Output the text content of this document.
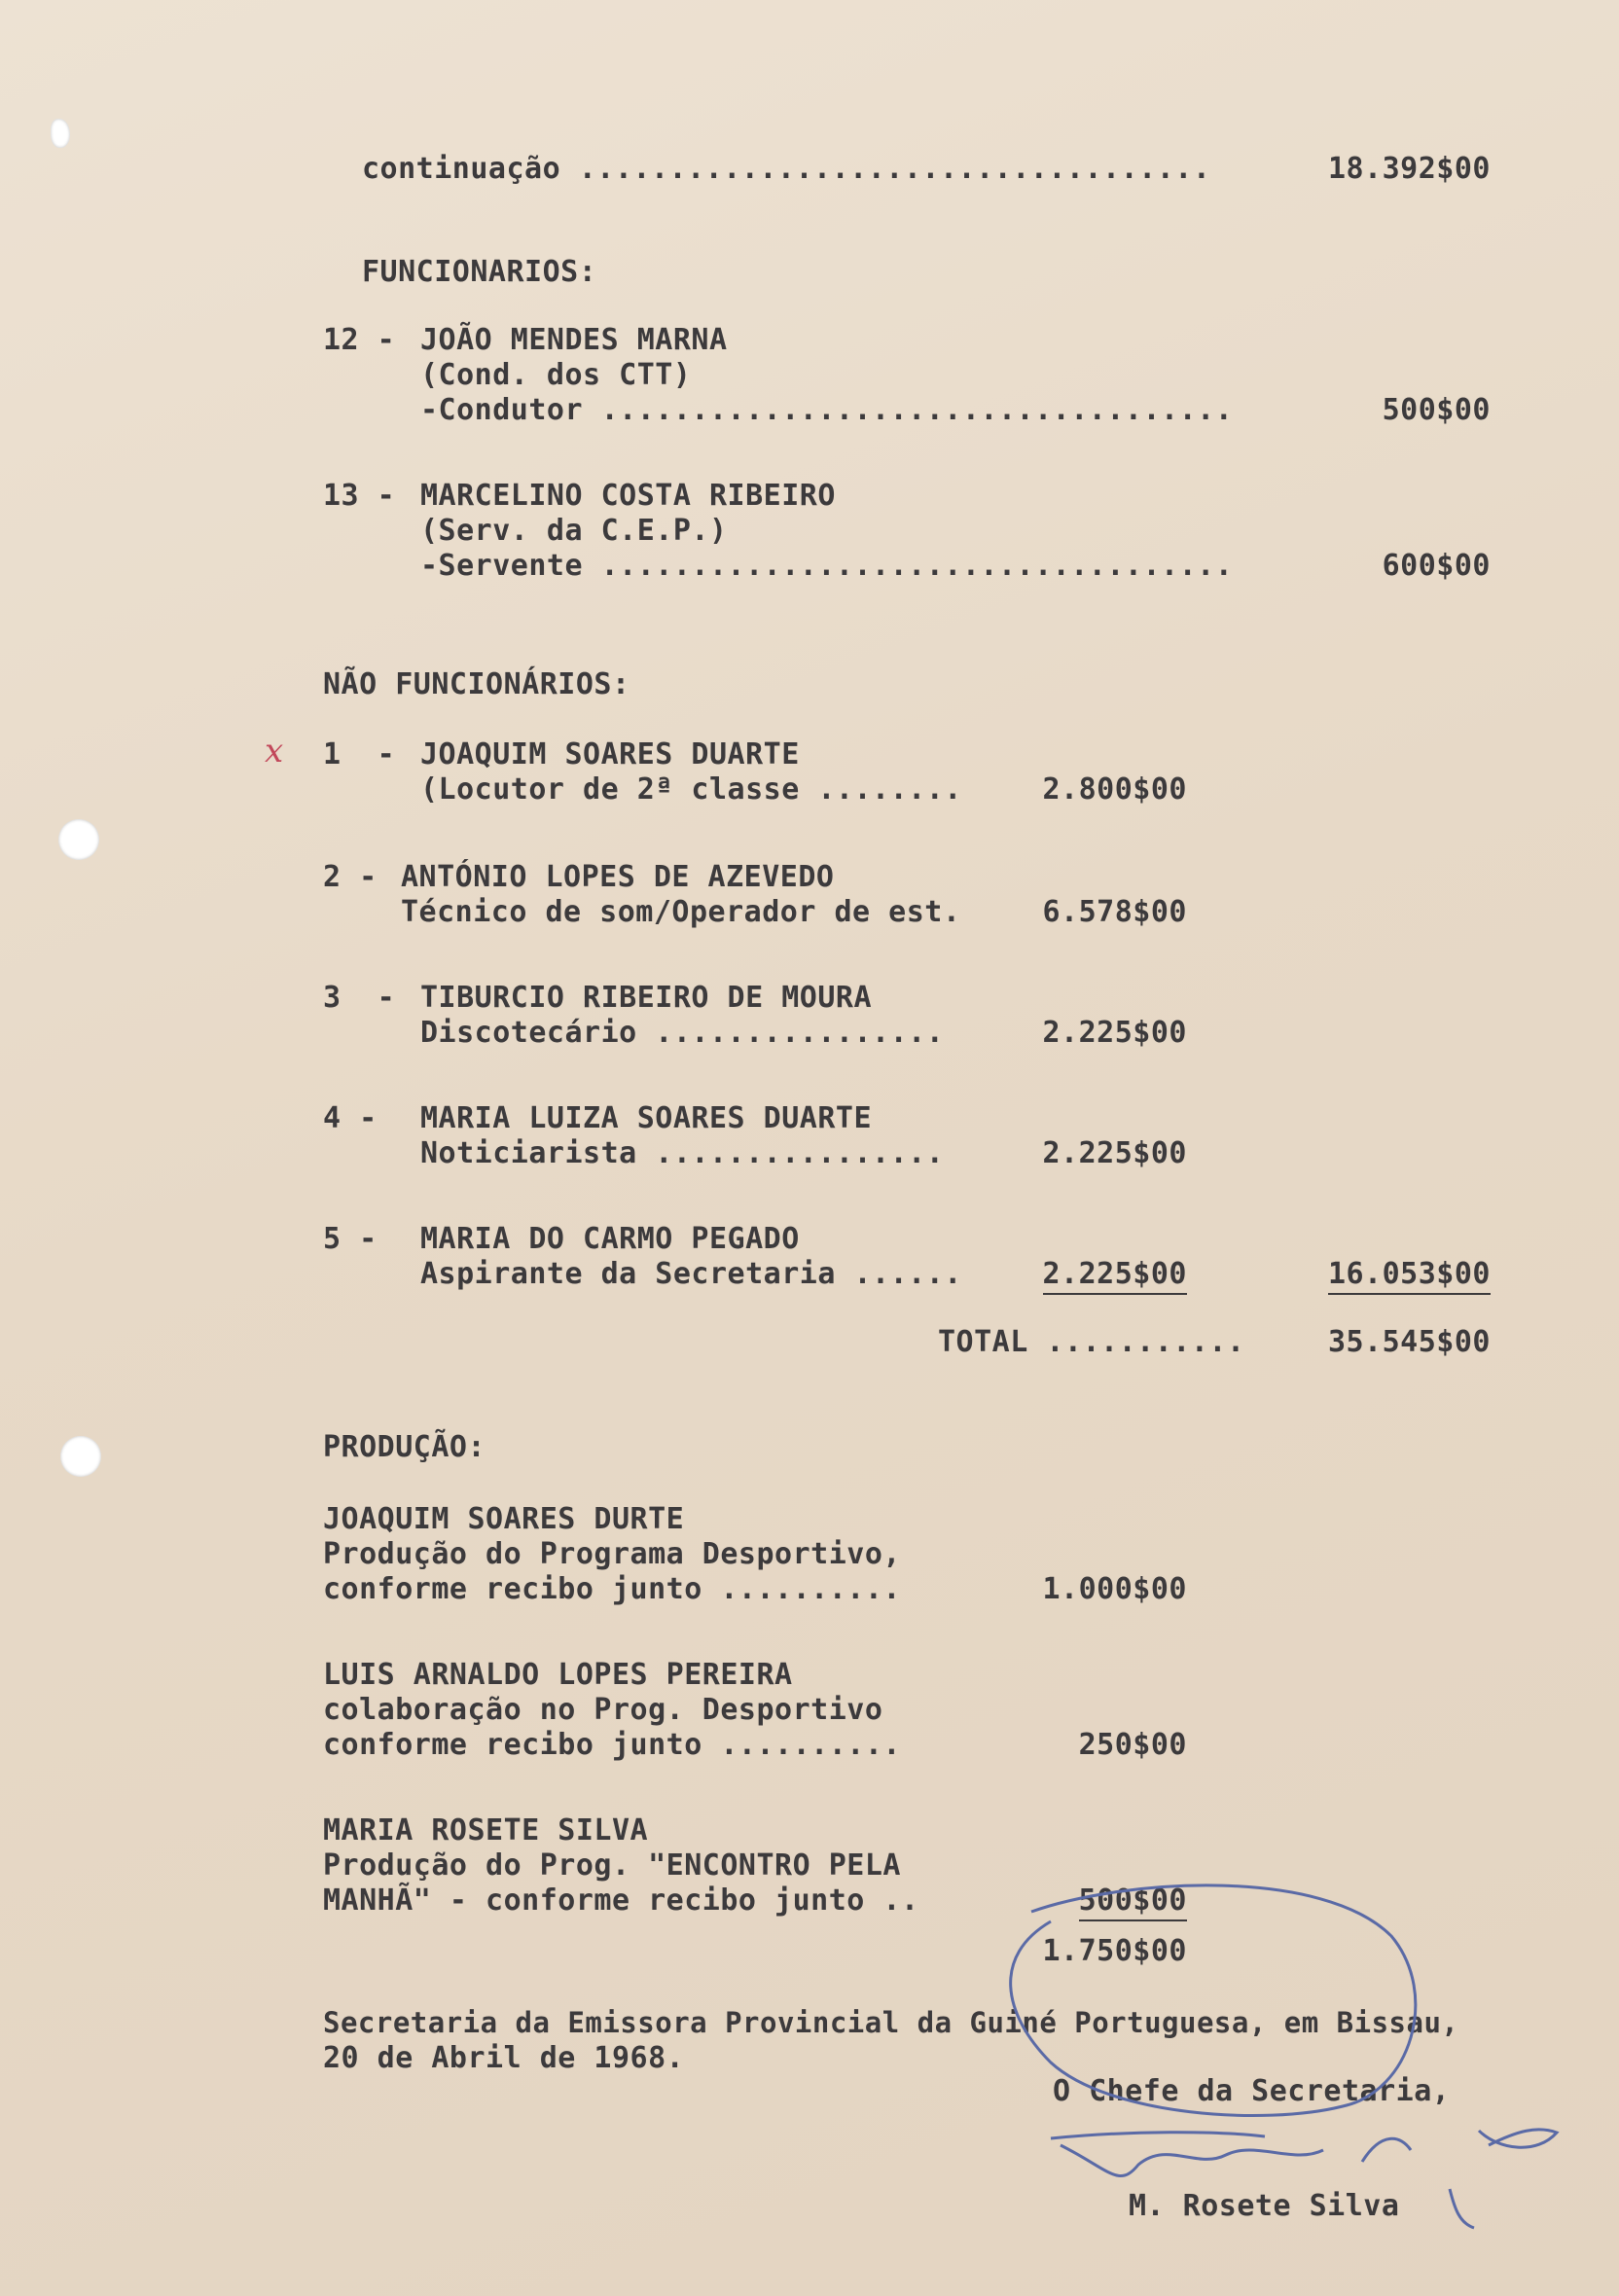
continuação ...................................	18.392$00
FUNCIONARIOS:
12 - JOÃO MENDES MARNA
(Cond. dos CTT)
-Condutor ...................................	500$00
13 - MARCELINO COSTA RIBEIRO
(Serv. da C.E.P.)
-Servente ...................................	600$00
NÃO FUNCIONÁRIOS:
x 1  - JOAQUIM SOARES DUARTE
(Locutor de 2ª classe ........	2.800$00
2 - ANTÓNIO LOPES DE AZEVEDO
Técnico de som/Operador de est.	6.578$00
3  - TIBURCIO RIBEIRO DE MOURA
Discotecário ................	2.225$00
4 - MARIA LUIZA SOARES DUARTE
Noticiarista ................	2.225$00
5 - MARIA DO CARMO PEGADO
Aspirante da Secretaria ......	2.225$00	16.053$00
TOTAL ...........	35.545$00
PRODUÇÃO:
JOAQUIM SOARES DURTE
Produção do Programa Desportivo,
conforme recibo junto ..........	1.000$00
LUIS ARNALDO LOPES PEREIRA
colaboração no Prog. Desportivo
conforme recibo junto ..........	250$00
MARIA ROSETE SILVA
Produção do Prog. "ENCONTRO PELA
MANHÃ" - conforme recibo junto ..	500$00
1.750$00
Secretaria da Emissora Provincial da Guiné Portuguesa, em Bissau,
20 de Abril de 1968.
O Chefe da Secretaria,
M. Rosete Silva
